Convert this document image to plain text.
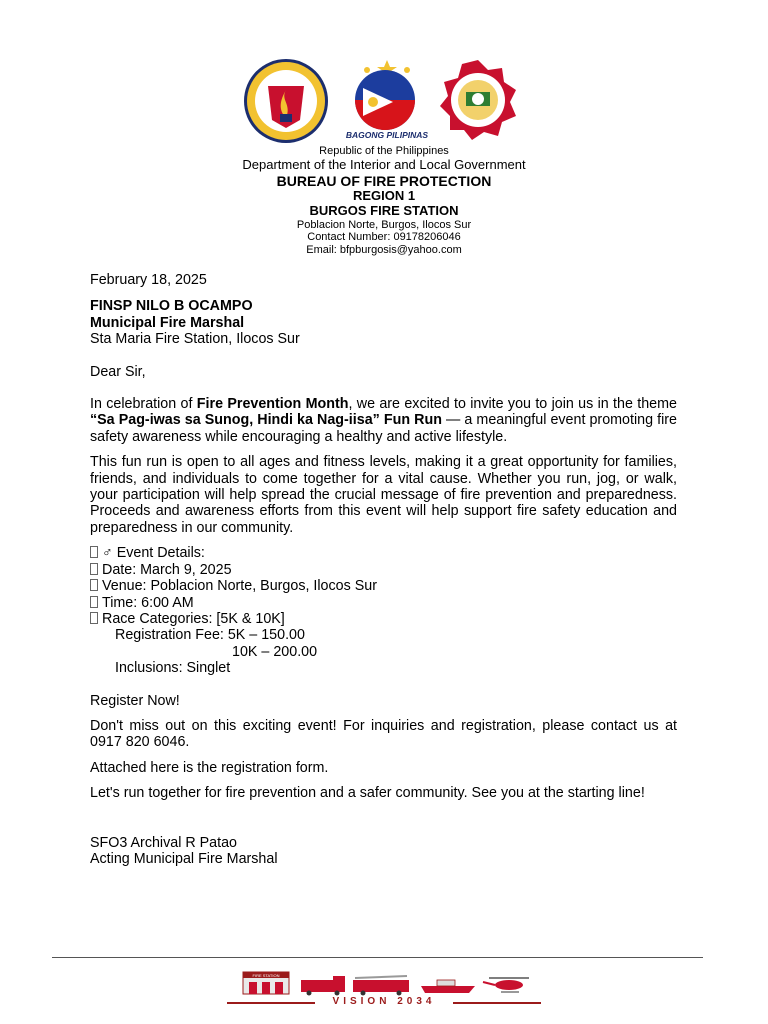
BAGONG PILIPINAS
Republic of the Philippines
Department of the Interior and Local Government
BUREAU OF FIRE PROTECTION
REGION 1
BURGOS FIRE STATION
Poblacion Norte, Burgos, Ilocos Sur
Contact Number: 09178206046
Email: bfpburgosis@yahoo.com

February 18, 2025

FINSP NILO B OCAMPO

Municipal Fire Marshal

Sta Maria Fire Station, Ilocos Sur

Dear Sir,

In celebration of Fire Prevention Month, we are excited to invite you to join us in the theme “Sa Pag-iwas sa Sunog, Hindi ka Nag-iisa” Fun Run — a meaningful event promoting fire safety awareness while encouraging a healthy and active lifestyle.

This fun run is open to all ages and fitness levels, making it a great opportunity for families, friends, and individuals to come together for a vital cause. Whether you run, jog, or walk, your participation will help spread the crucial message of fire prevention and preparedness. Proceeds and awareness efforts from this event will help support fire safety education and preparedness in our community.

♂ Event Details:

Date: March 9, 2025

Venue: Poblacion Norte, Burgos, Ilocos Sur

Time: 6:00 AM

Race Categories: [5K & 10K]

Registration Fee: 5K – 150.00

10K – 200.00

Inclusions: Singlet

Register Now!

Don't miss out on this exciting event! For inquiries and registration, please contact us at 0917 820 6046.

Attached here is the registration form.

Let's run together for fire prevention and a safer community. See you at the starting line!

SFO3 Archival R Patao

Acting Municipal Fire Marshal

FIRE STATION
VISION 2034
